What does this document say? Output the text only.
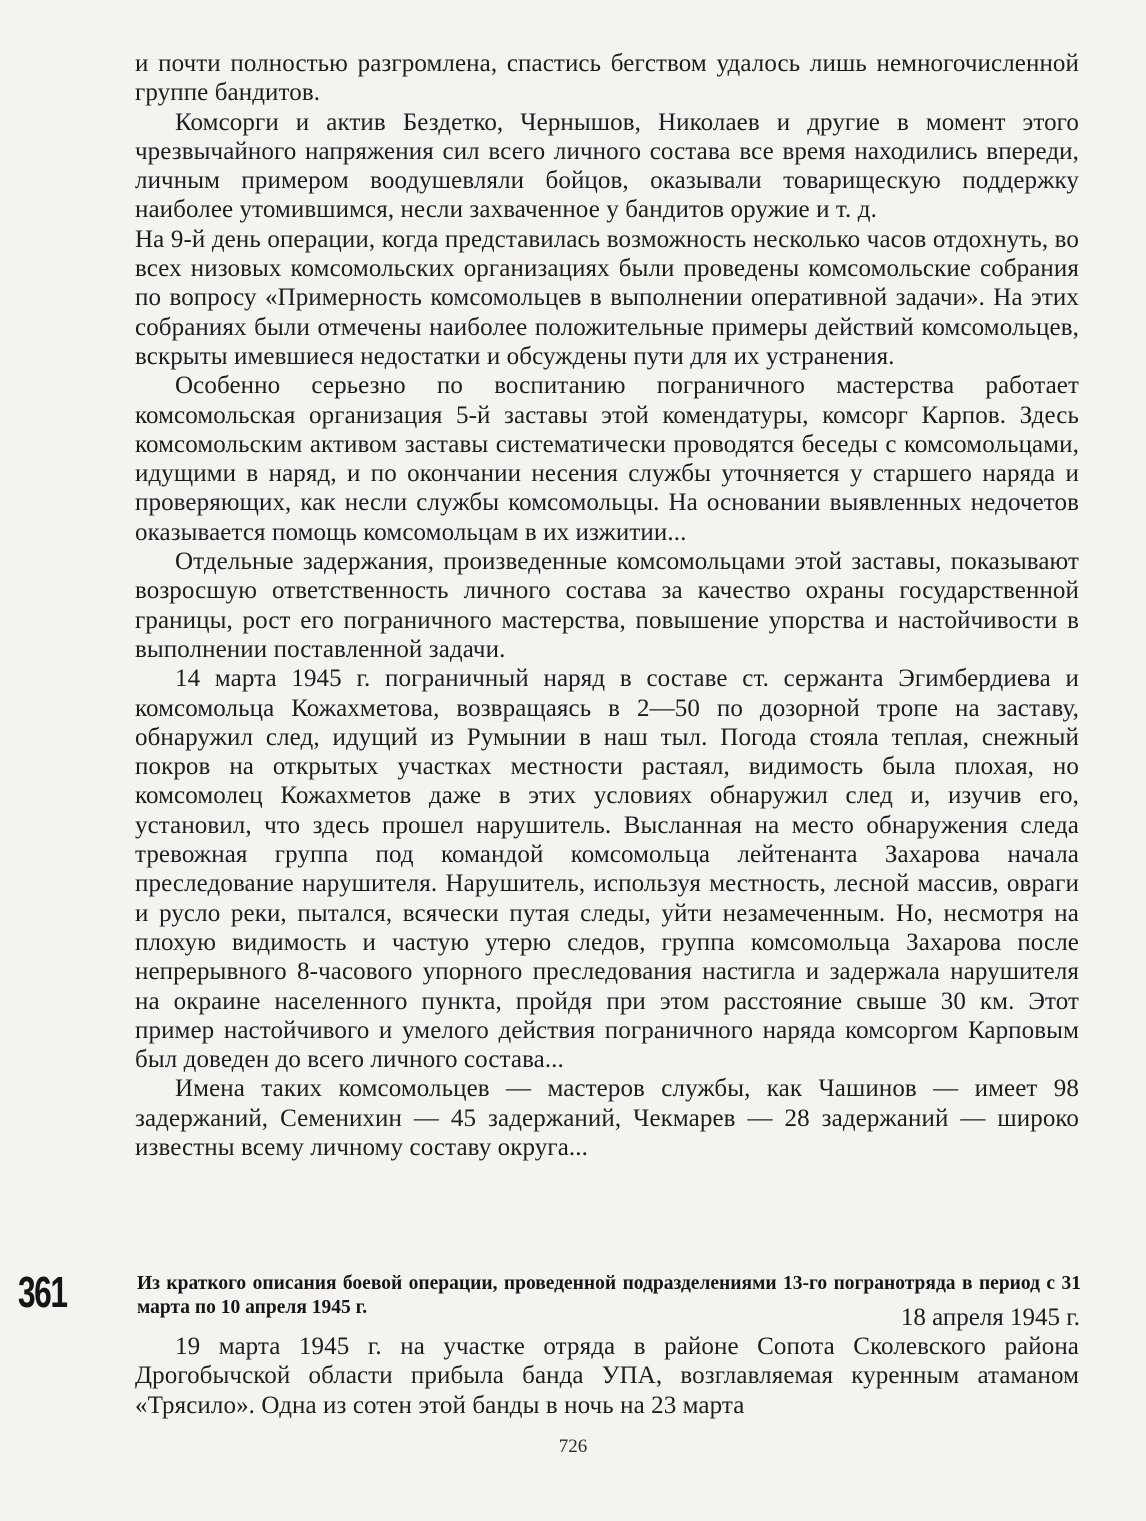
и почти полностью разгромлена, спастись бегством удалось лишь немногочисленной группе бандитов.

Комсорги и актив Бездетко, Чернышов, Николаев и другие в момент этого чрезвычайного напряжения сил всего личного состава все время находились впереди, личным примером воодушевляли бойцов, оказывали товарищескую поддержку наиболее утомившимся, несли захваченное у бандитов оружие и т. д.

На 9-й день операции, когда представилась возможность несколько часов отдохнуть, во всех низовых комсомольских организациях были проведены комсомольские собрания по вопросу «Примерность комсомольцев в выполнении оперативной задачи». На этих собраниях были отмечены наиболее положительные примеры действий комсомольцев, вскрыты имевшиеся недостатки и обсуждены пути для их устранения.

Особенно серьезно по воспитанию пограничного мастерства работает комсомольская организация 5-й заставы этой комендатуры, комсорг Карпов. Здесь комсомольским активом заставы систематически проводятся беседы с комсомольцами, идущими в наряд, и по окончании несения службы уточняется у старшего наряда и проверяющих, как несли службы комсомольцы. На основании выявленных недочетов оказывается помощь комсомольцам в их изжитии...

Отдельные задержания, произведенные комсомольцами этой заставы, показывают возросшую ответственность личного состава за качество охраны государственной границы, рост его пограничного мастерства, повышение упорства и настойчивости в выполнении поставленной задачи.

14 марта 1945 г. пограничный наряд в составе ст. сержанта Эгимбердиева и комсомольца Кожахметова, возвращаясь в 2—50 по дозорной тропе на заставу, обнаружил след, идущий из Румынии в наш тыл. Погода стояла теплая, снежный покров на открытых участках местности растаял, видимость была плохая, но комсомолец Кожахметов даже в этих условиях обнаружил след и, изучив его, установил, что здесь прошел нарушитель. Высланная на место обнаружения следа тревожная группа под командой комсомольца лейтенанта Захарова начала преследование нарушителя. Нарушитель, используя местность, лесной массив, овраги и русло реки, пытался, всячески путая следы, уйти незамеченным. Но, несмотря на плохую видимость и частую утерю следов, группа комсомольца Захарова после непрерывного 8-часового упорного преследования настигла и задержала нарушителя на окраине населенного пункта, пройдя при этом расстояние свыше 30 км. Этот пример настойчивого и умелого действия пограничного наряда комсоргом Карповым был доведен до всего личного состава...

Имена таких комсомольцев — мастеров службы, как Чашинов — имеет 98 задержаний, Семенихин — 45 задержаний, Чекмарев — 28 задержаний — широко известны всему личному составу округа...

361	Из краткого описания боевой операции, проведенной подразделениями 13-го погранотряда в период с 31 марта по 10 апреля 1945 г.	18 апреля 1945 г.

19 марта 1945 г. на участке отряда в районе Сопота Сколевского района Дрогобычской области прибыла банда УПА, возглавляемая куренным атаманом «Трясило». Одна из сотен этой банды в ночь на 23 марта

726
